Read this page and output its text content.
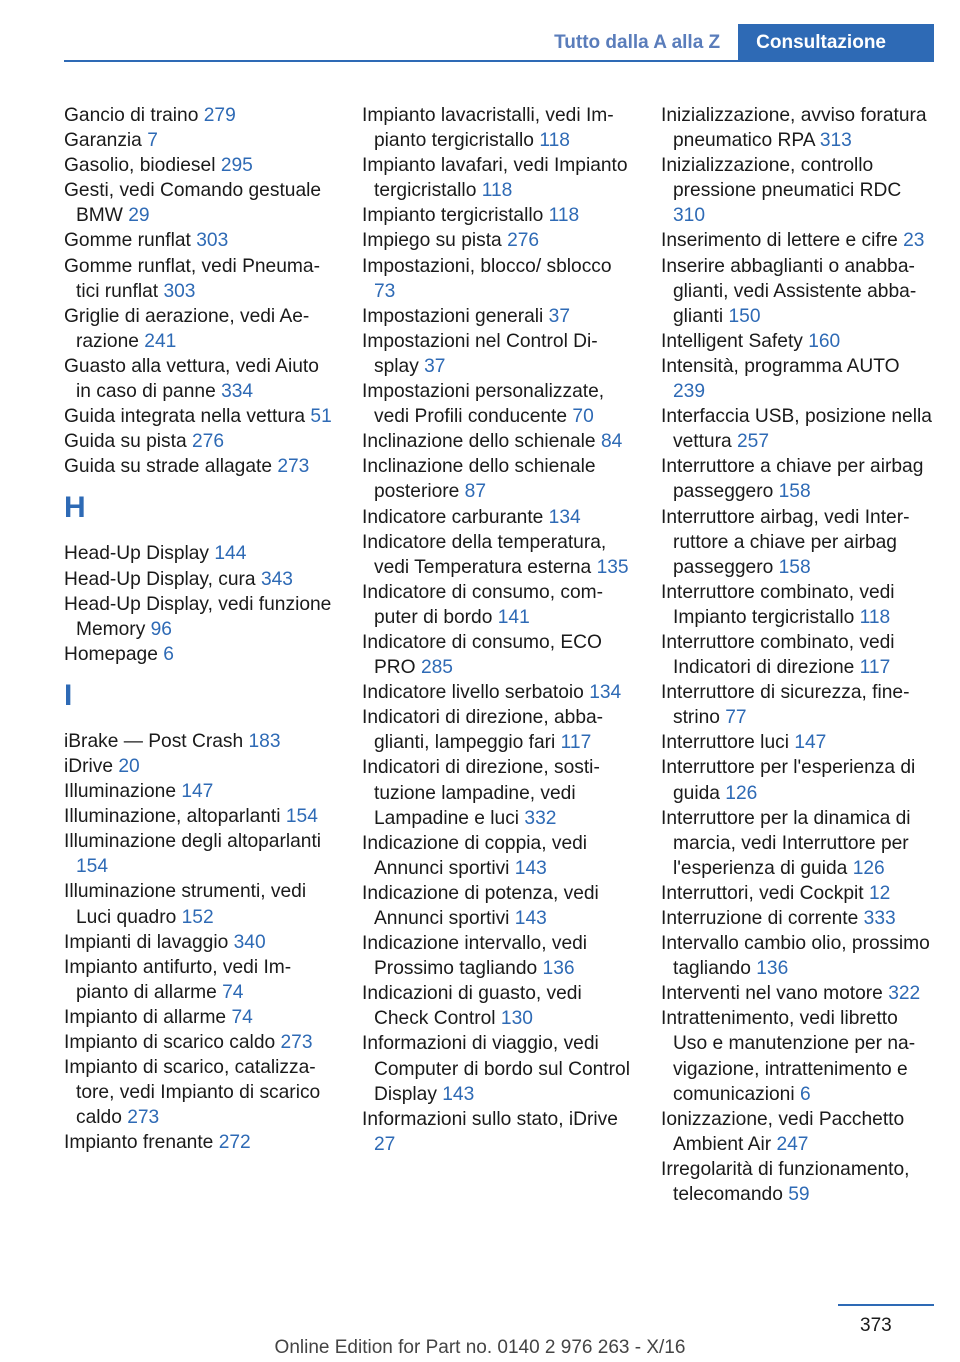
Tutto dalla A alla Z	Consultazione
Gancio di traino 279
Garanzia 7
Gasolio, biodiesel 295
Gesti, vedi Comando gestuale BMW 29
Gomme runflat 303
Gomme runflat, vedi Pneumatici runflat 303
Griglie di aerazione, vedi Aerazione 241
Guasto alla vettura, vedi Aiuto in caso di panne 334
Guida integrata nella vettura 51
Guida su pista 276
Guida su strade allagate 273
H
Head-Up Display 144
Head-Up Display, cura 343
Head-Up Display, vedi funzione Memory 96
Homepage 6
I
iBrake — Post Crash 183
iDrive 20
Illuminazione 147
Illuminazione, altoparlanti 154
Illuminazione degli altoparlanti 154
Illuminazione strumenti, vedi Luci quadro 152
Impianti di lavaggio 340
Impianto antifurto, vedi Impianto di allarme 74
Impianto di allarme 74
Impianto di scarico caldo 273
Impianto di scarico, catalizzatore, vedi Impianto di scarico caldo 273
Impianto frenante 272
Impianto lavacristalli, vedi Impianto tergicristallo 118
Impianto lavafari, vedi Impianto tergicristallo 118
Impianto tergicristallo 118
Impiego su pista 276
Impostazioni, blocco/ sblocco 73
Impostazioni generali 37
Impostazioni nel Control Display 37
Impostazioni personalizzate, vedi Profili conducente 70
Inclinazione dello schienale 84
Inclinazione dello schienale posteriore 87
Indicatore carburante 134
Indicatore della temperatura, vedi Temperatura esterna 135
Indicatore di consumo, computer di bordo 141
Indicatore di consumo, ECO PRO 285
Indicatore livello serbatoio 134
Indicatori di direzione, abbaglianti, lampeggio fari 117
Indicatori di direzione, sostituzione lampadine, vedi Lampadine e luci 332
Indicazione di coppia, vedi Annunci sportivi 143
Indicazione di potenza, vedi Annunci sportivi 143
Indicazione intervallo, vedi Prossimo tagliando 136
Indicazioni di guasto, vedi Check Control 130
Informazioni di viaggio, vedi Computer di bordo sul Control Display 143
Informazioni sullo stato, iDrive 27
Inizializzazione, avviso foratura pneumatico RPA 313
Inizializzazione, controllo pressione pneumatici RDC 310
Inserimento di lettere e cifre 23
Inserire abbaglianti o anabbaglianti, vedi Assistente abbaglianti 150
Intelligent Safety 160
Intensità, programma AUTO 239
Interfaccia USB, posizione nella vettura 257
Interruttore a chiave per airbag passeggero 158
Interruttore airbag, vedi Interruttore a chiave per airbag passeggero 158
Interruttore combinato, vedi Impianto tergicristallo 118
Interruttore combinato, vedi Indicatori di direzione 117
Interruttore di sicurezza, finestrino 77
Interruttore luci 147
Interruttore per l'esperienza di guida 126
Interruttore per la dinamica di marcia, vedi Interruttore per l'esperienza di guida 126
Interruttori, vedi Cockpit 12
Interruzione di corrente 333
Intervallo cambio olio, prossimo tagliando 136
Interventi nel vano motore 322
Intrattenimento, vedi libretto Uso e manutenzione per navigazione, intrattenimento e comunicazioni 6
Ionizzazione, vedi Pacchetto Ambient Air 247
Irregolarità di funzionamento, telecomando 59
373
Online Edition for Part no. 0140 2 976 263 - X/16
